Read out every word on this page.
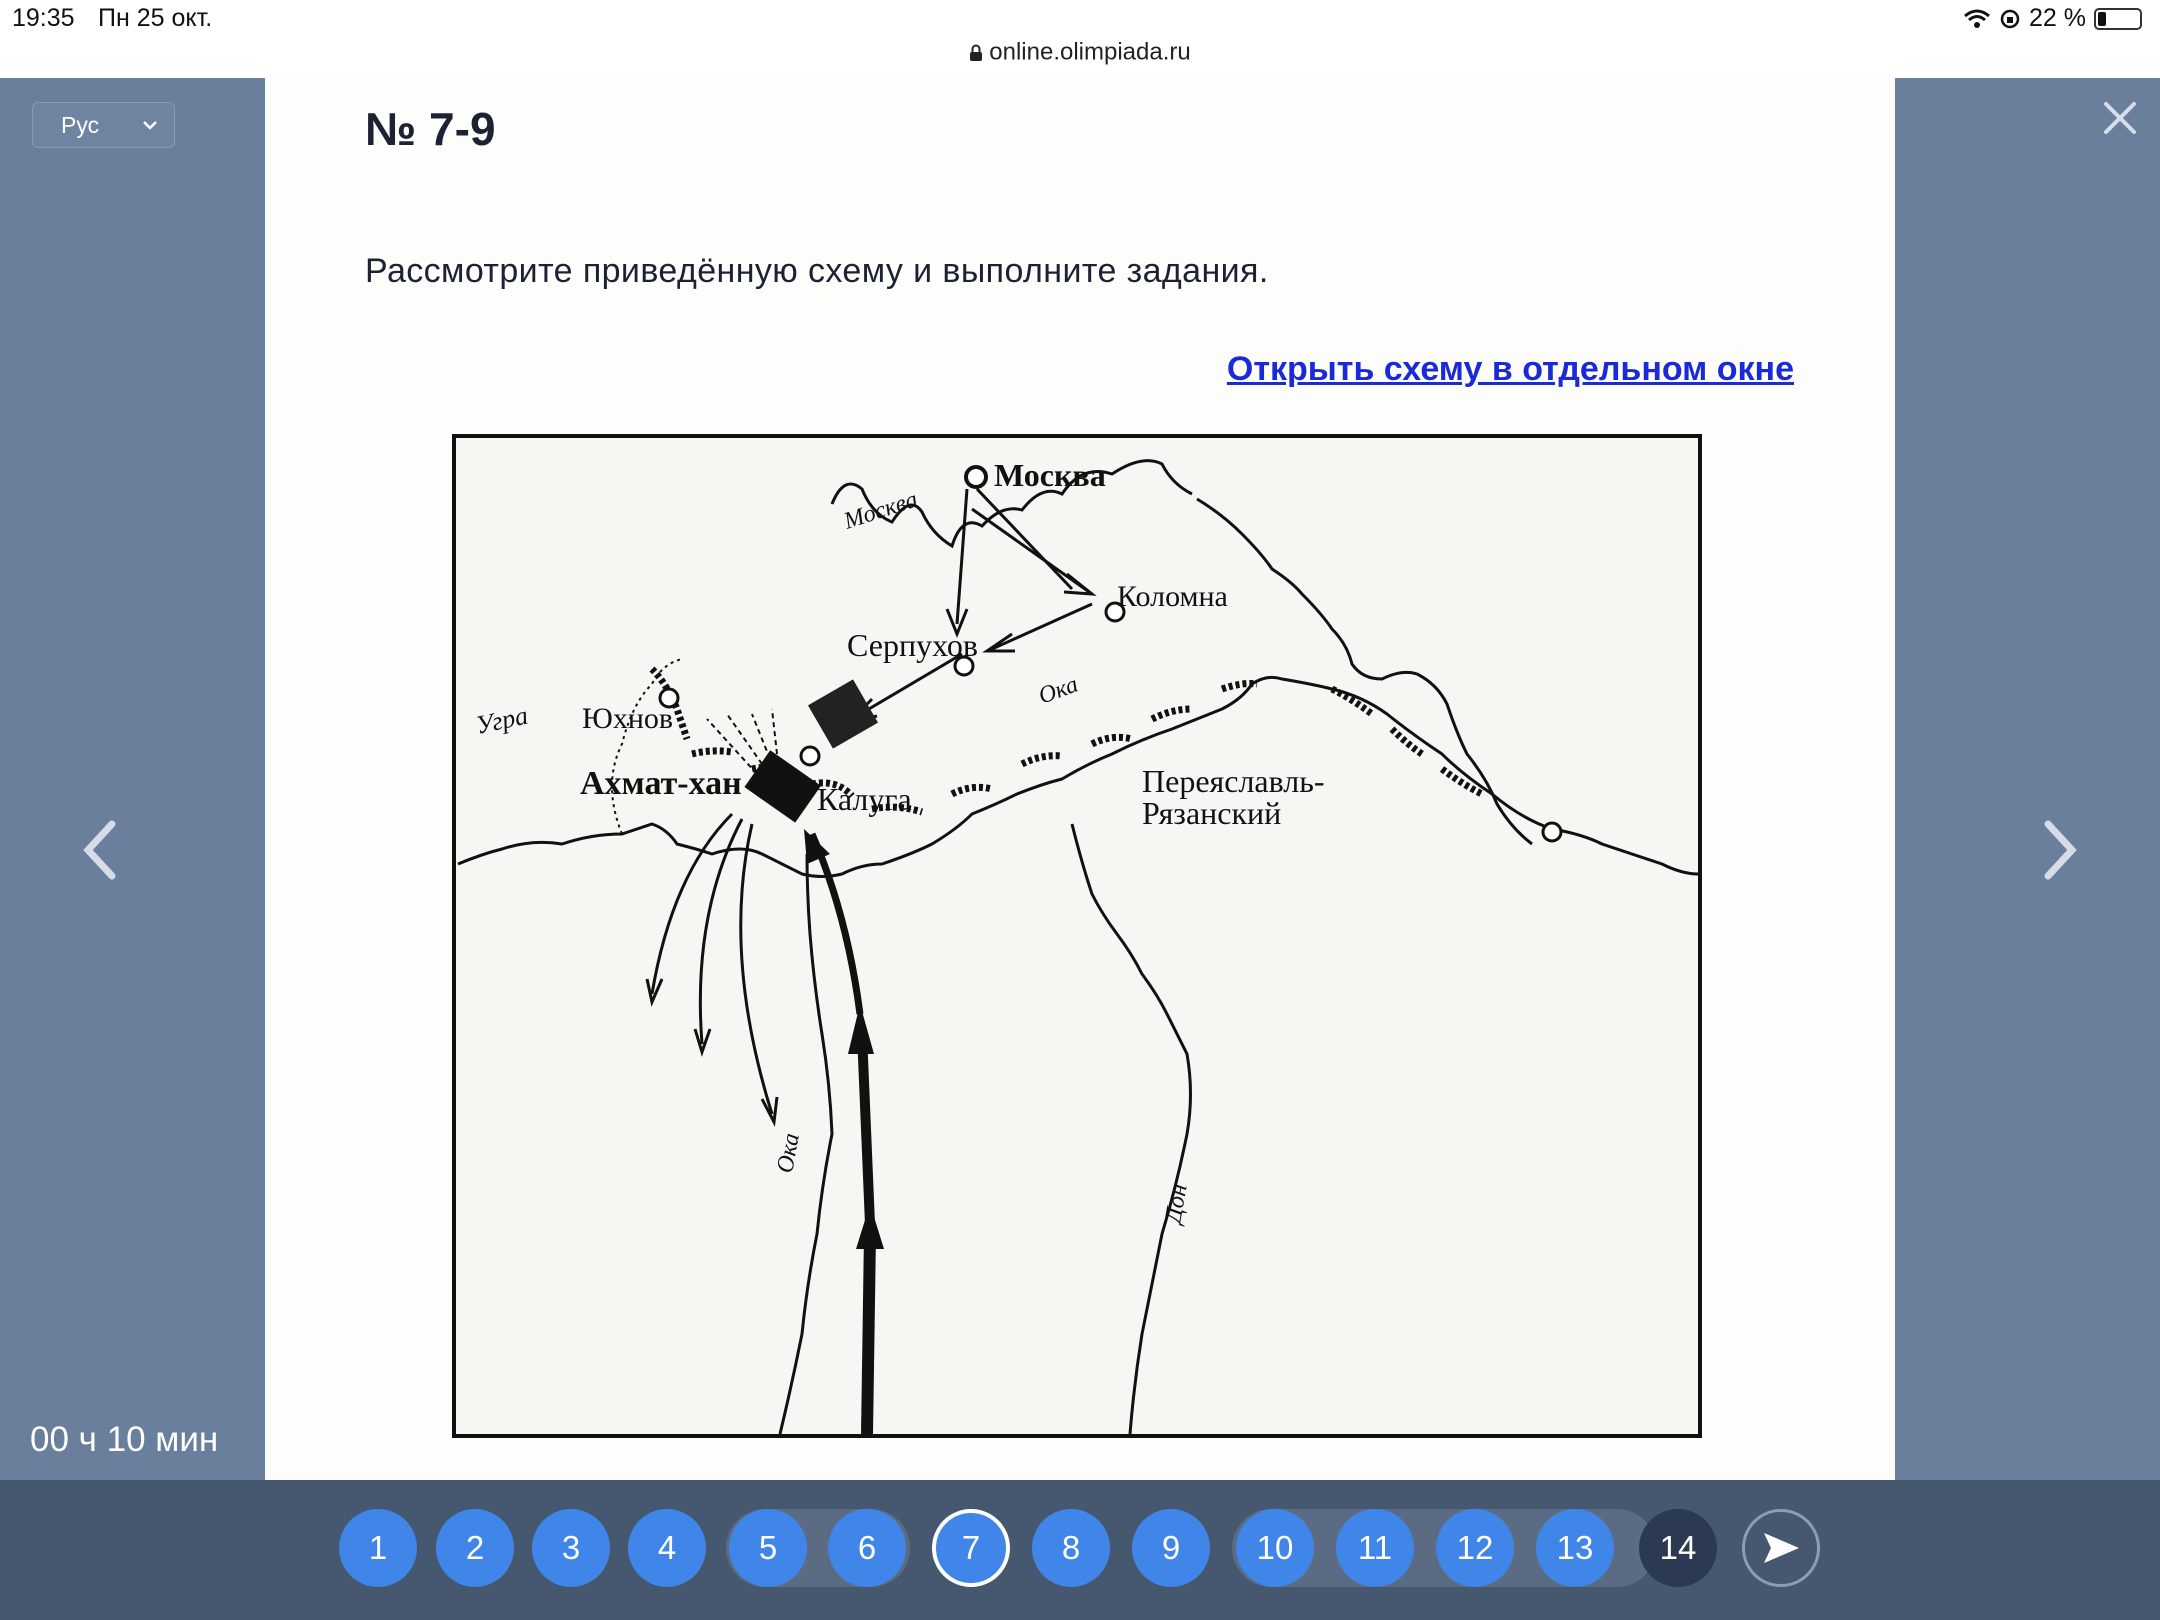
19:35 Пн 25 окт.	22 %
online.olimpiada.ru
Рус
00 ч 10 мин
№ 7-9
Рассмотрите приведённую схему и выполните задания.
Открыть схему в отдельном окне
Москва
Москва
Коломна
Серпухов
Ока
Угра Юхнов
Ахмат-хан Калуга	Переяславль-
Рязанский
Ока
Дон
1	2	3	4	5	6	7	8	9	10	11	12	13	14
